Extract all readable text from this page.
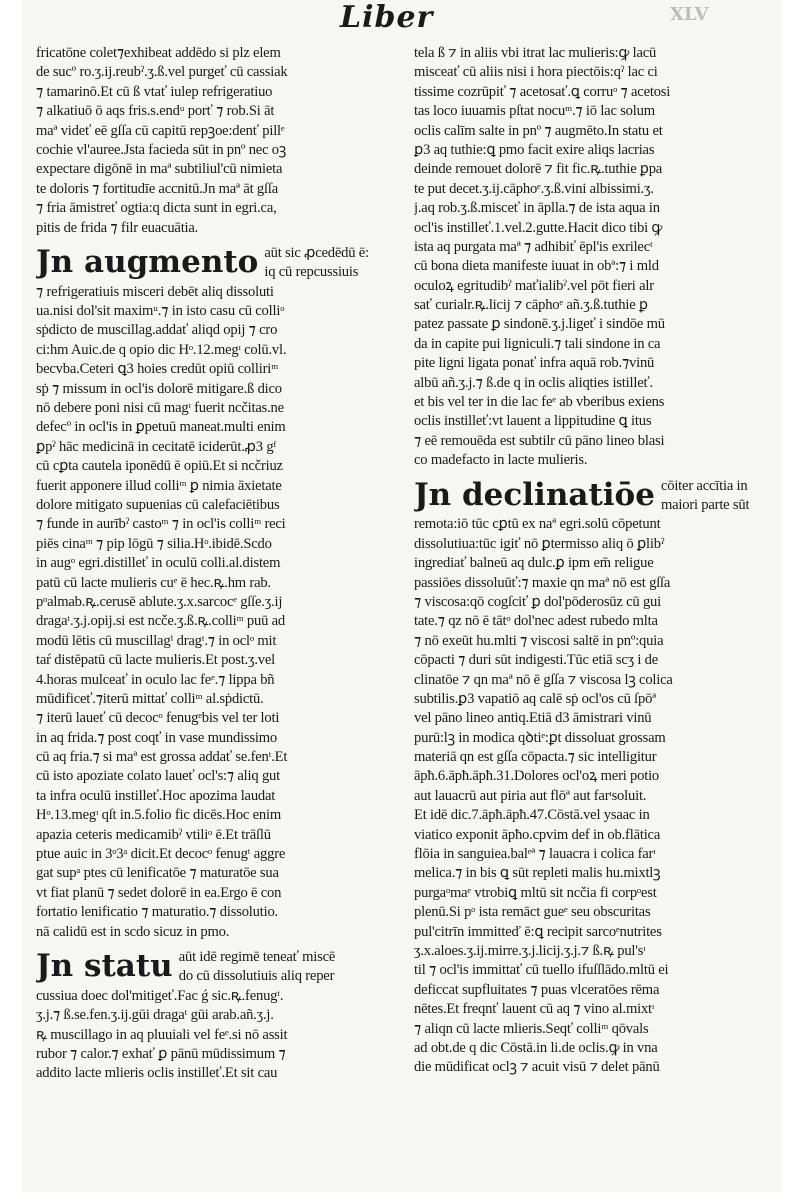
XLV
Liber
fricatōne colet⁊exhibeat addēdo si plz elem
de sucº ro.ʒ.ij.reubˀ.ʒ.ß.vel purgeť cū cassiak
⁊ tamarinō.Et cū ß vtať iulep refrigeratiuo
⁊ alkatiuō ō aqs fris.s.endᵘ porť ⁊ rob.Si āt
maª videť eē gſſa cū capitū repꝫoe:denť pillᵉ
cochie vl'auree.Jsta facieda sūt in pnº nec oꝫ
expectare digōnē in maª subtiliul'cū nimieta
te doloris ⁊ fortitudīe accnitū.Jn maª āt gſſa
⁊ fria āmistreť ogtia:q dicta sunt in egri.ca,
pitis de frida ⁊ filr euacuātia.
Jn augmento aūt sic ꝓcedēdū ē:
iq cū repcussiuis
⁊ refrigeratiuis misceri debēt aliq dissoluti
ua.nisi dol'sit maximᵘ.⁊ in isto casu cū colliᵒ
sṗdicto de muscillag.addať aliqd opij ⁊ cro
ci:hm Auic.de q opio dic Hᵒ.12.megᶦ colū.vl.
becvba.Ceteri ꝗ3 hoies credūt opiū colliriᵐ
sṗ ⁊ missum in ocl'is dolorē mitigare.ß dico
nō debere poni nisi cū magᶦ fuerit ncčitas.ne
defecº in ocl'is in ꝑpetuū maneat.multi enim
ꝑpˀ hāc medicinā in cecitatē iciderūt.ꝓ3 gᶠ
cū cꝑta cautela iponēdū ē opiū.Et si ncčriuz
fuerit apponere illud colliᵐ ꝑ nimia āxietate
dolore mitigato supuenias cū calefaciētibus
⁊ funde in aurībˀ castoᵐ ⁊ in ocl'is colliᵐ reci
piēs cinaᵐ ⁊ pip lōgū ⁊ silia.Hᵒ.ibidē.Scdo
in augᵒ egri.distilleť in oculū colli.al.distem
patū cū lacte mulieris cuᵉ ē hec.ꝶ.hm rab.
pᵒalmab.ꝶ.cerusē ablute.ʒ.x.sarcocᵉ gſſe.ʒ.ij
dragaᵗ.ʒ.j.opij.si est ncče.ʒ.ß.ꝶ.colliᵐ puū ad
modū lētis cū muscillagⁱ dragᵗ.⁊ in oclᵒ mit
taŕ distēpatū cū lacte mulieris.Et post.ʒ.vel
4.horas mulceať in oculo lac feᵉ.⁊ lippa bñ
mūdificeť.⁊iterū mittať colliᵐ al.sṗdictū.
⁊ iterū laueť cū decocᵒ fenugᵉbis vel ter loti
in aq frida.⁊ post coqť in vase mundissimo
cū aq fria.⁊ si maª est grossa addať se.fenᵗ.Et
cū isto apoziate colato laueť ocl's:⁊ aliq gut
ta infra oculū instilleť.Hoc apozima laudat
Hᵒ.13.megᶦ qſt in.5.folio fic dicēs.Hoc enim
apazia ceteris medicamibˀ vtiliᵒ ē.Et trāſlū
ptue auic in 3ᵒ3ᵃ dicit.Et decocᵒ fenugᵗ aggre
gat supᵃ ptes cū lenificatōe ⁊ maturatōe sua
vt fiat planū ⁊ sedet dolorē in ea.Ergo ē con
fortatio lenificatio ⁊ maturatio.⁊ dissolutio.
nā calidū est in scdo sicuz in pmo.
Jn statu aūt idē regimē teneať miscē
do cū dissolutiuis aliq reper
cussiua doec dol'mitigeť.Fac ǵ sic.ꝶ.fenugᵗ.
ʒ.j.⁊ ß.se.fen.ʒ.ij.gūi dragaᵗ gūi arab.añ.ʒ.j.
ꝶ muscillago in aq pluuiali vel feᵉ.si nō assit
rubor ⁊ calor.⁊ exhať ꝑ pānū mūdissimum ⁊
addito lacte mlieris oclis instilleť.Et sit cau
tela ß ⁊ in aliis vbi itrat lac mulieris:ꝙ lacū
misceať cū aliis nisi i hora piectōis:qˀ lac ci
tissime cozrūpiť ⁊ acetosať.ꝗ corruᵒ ⁊ acetosi
tas loco iuuamis pſtat nocuᵐ.⁊ iō lac solum
oclis calīm salte in pnº ⁊ augmēto.In statu et
ꝑ3 aq tuthie:ꝗ pmo facit exire aliqs lacrias
deinde remouet dolorē ⁊ fit fic.ꝶ.tuthie ꝑpa
te put decet.ʒ.ij.cāphoᵉ.ʒ.ß.vini albissimi.ʒ.
j.aq rob.ʒ.ß.misceť in āplla.⁊ de ista aqua in
ocl'is instilleť.1.vel.2.gutte.Hacit dico tibi ꝙ
ista aq purgata maª ⁊ adhibiť ēpl'is exrilecᵗ
cū bona dieta manifeste iuuat in obª:⁊ i mld
oculoꝝ egritudibˀ maťialibˀ.vel pōt fieri alr
sať curialr.ꝶ.licij ⁊ cāphoᵉ añ.ʒ.ß.tuthie ꝑ
patez passate ꝑ sindonē.ʒ.j.ligeť i sindōe mū
da in capite pui ligniculi.⁊ tali sindone in ca
pite ligni ligata ponať infra aquā rob.⁊vinū
albū añ.ʒ.j.⁊ ß.de q in oclis aliqties istilleť.
et bis vel ter in die lac feᵉ ab vberibus exiens
oclis instilleť:vt lauent a lippitudine ꝗ itus
⁊ eē remouēda est subtilr cū pāno lineo blasi
co madefacto in lacte mulieris.
Jn declinatiōe cōiter accītia in
maiori parte sūt
remota:iō tūc cꝑtū ex naª egri.solū cōpetunt
dissolutiua:tūc igiť nō ꝑtermisso aliq ō ꝑlibˀ
ingrediať balneū aq dulc.ꝑ ipm em̄ religue
passiōes dissoluūť:⁊ maxie qn maª nō est gſſa
⁊ viscosa:qō cogſciť ꝑ dol'pōderosūz cū gui
tate.⁊ qz nō ē tātᵒ dol'nec adest rubedo mlta
⁊ nō exeūt hu.mlti ⁊ viscosi saltē in pnº:quia
cōpacti ⁊ duri sūt indigesti.Tūc etiā scʒ i de
clinatōe ⁊ qn maª nō ē gſſa ⁊ viscosa lꝫ colica
subtilis.ꝑ3 vapatiō aq calē sṗ ocl'os cū ſpōª
vel pāno lineo antiq.Etiā d3 āmistrari vinū
purū:lꝫ in modica qꝺtiᵉ:ꝑt dissoluat grossam
materiā qn est gſſa cōpacta.⁊ sic intelligitur
āpħ.6.āpħ.āpħ.31.Dolores ocl'oꝝ meri potio
aut lauacrū aut piria aut flōª aut farᶦsoluit.
Et idē dic.7.āpħ.āpħ.47.Cōstā.vel ysaac in
viatico exponit āpħo.cpvim def in ob.flātica
flōia in sanguiea.balᵉª ⁊ lauacra i colica farᶦ
melica.⁊ in bis ꝗ sūt repleti malis hu.mixtlꝫ
purgaᵒmaᵉ vtrobiꝗ mltū sit ncčia fi corpᵒest
plenū.Si pᵒ ista remāct gueᵉ seu obscuritas
pul'citrīn immitteď ē:ꝗ recipit sarcoᵉnutrites
ʒ.x.aloes.ʒ.ij.mirre.ʒ.j.licij.ʒ.j.⁊ ß.ꝶ pul'sᶦ
til ⁊ ocl'is immittať cū tuello ifuſſlādo.mltū ei
deficcat supfluitates ⁊ puas vlceratōes rēma
nētes.Et freqnť lauent cū aq ⁊ vino al.mixtᶦ
⁊ aliqn cū lacte mlieris.Seqť colliᵐ qōvals
ad obt.de q dic Cōstā.in li.de oclis.ꝙ in vna
die mūdificat oclꝫ ⁊ acuit visū ⁊ delet pānū
